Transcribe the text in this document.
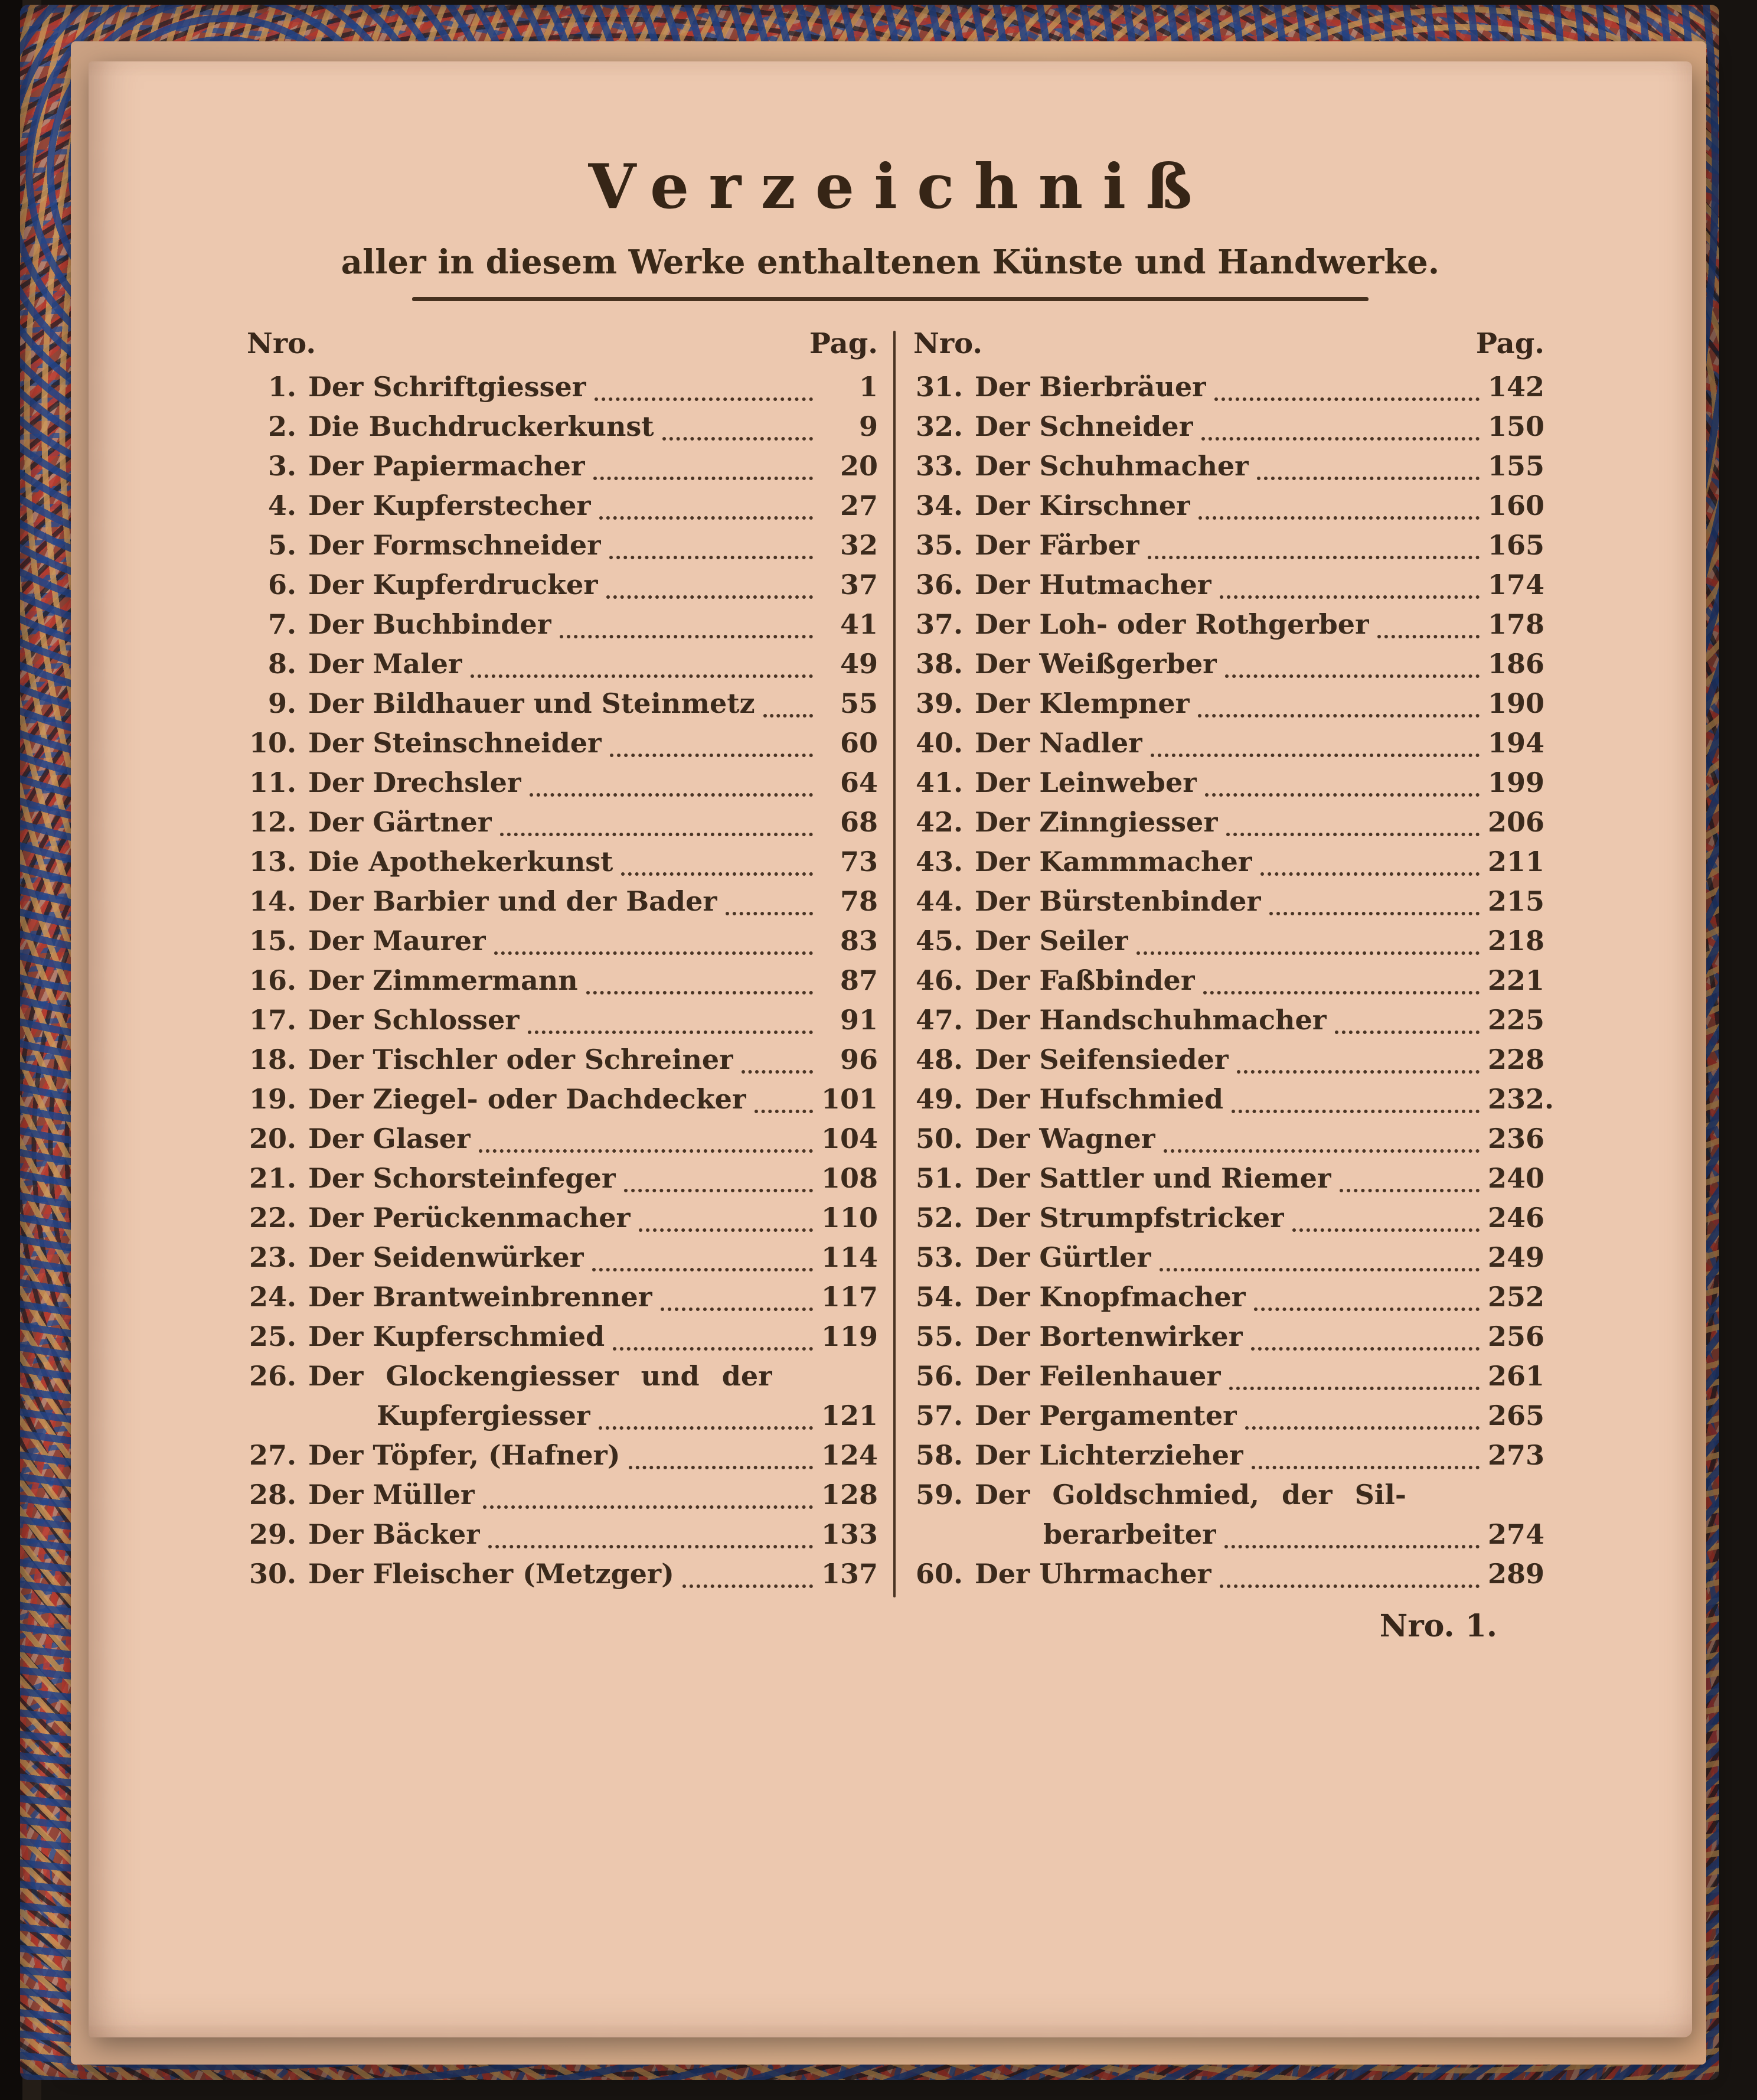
Verzeichniß
aller in diesem Werke enthaltenen Künste und Handwerke.
Nro.	Pag.
1. Der Schriftgiesser	1
2. Die Buchdruckerkunst	9
3. Der Papiermacher	20
4. Der Kupferstecher	27
5. Der Formschneider	32
6. Der Kupferdrucker	37
7. Der Buchbinder	41
8. Der Maler	49
9. Der Bildhauer und Steinmetz	55
10. Der Steinschneider	60
11. Der Drechsler	64
12. Der Gärtner	68
13. Die Apothekerkunst	73
14. Der Barbier und der Bader	78
15. Der Maurer	83
16. Der Zimmermann	87
17. Der Schlosser	91
18. Der Tischler oder Schreiner	96
19. Der Ziegel- oder Dachdecker	101
20. Der Glaser	104
21. Der Schorsteinfeger	108
22. Der Perückenmacher	110
23. Der Seidenwürker	114
24. Der Brantweinbrenner	117
25. Der Kupferschmied	119
26. Der Glockengiesser und der
Kupfergiesser	121
27. Der Töpfer, (Hafner)	124
28. Der Müller	128
29. Der Bäcker	133
30. Der Fleischer (Metzger)	137
Nro.	Pag.
31. Der Bierbräuer	142
32. Der Schneider	150
33. Der Schuhmacher	155
34. Der Kirschner	160
35. Der Färber	165
36. Der Hutmacher	174
37. Der Loh- oder Rothgerber	178
38. Der Weißgerber	186
39. Der Klempner	190
40. Der Nadler	194
41. Der Leinweber	199
42. Der Zinngiesser	206
43. Der Kammmacher	211
44. Der Bürstenbinder	215
45. Der Seiler	218
46. Der Faßbinder	221
47. Der Handschuhmacher	225
48. Der Seifensieder	228
49. Der Hufschmied	232.
50. Der Wagner	236
51. Der Sattler und Riemer	240
52. Der Strumpfstricker	246
53. Der Gürtler	249
54. Der Knopfmacher	252
55. Der Bortenwirker	256
56. Der Feilenhauer	261
57. Der Pergamenter	265
58. Der Lichterzieher	273
59. Der Goldschmied, der Sil-
berarbeiter	274
60. Der Uhrmacher	289
Nro. 1.
